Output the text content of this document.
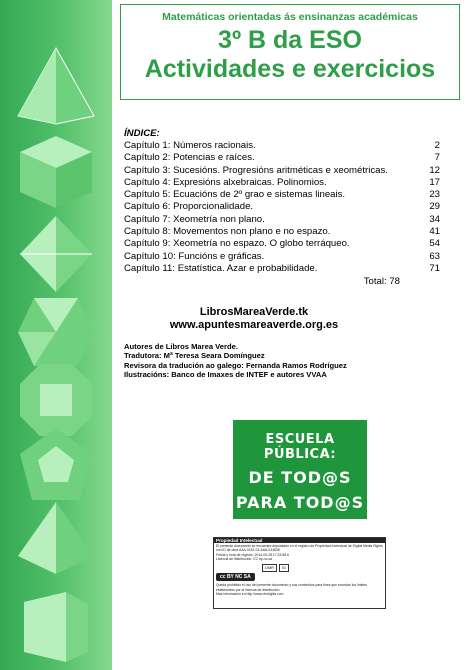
Matemáticas orientadas ás ensinanzas académicas
3º B da ESO
Actividades e exercicios
ÍNDICE:
Capítulo 1: Números racionais.	2
Capítulo 2: Potencias e raíces.	7
Capítulo 3: Sucesións. Progresións aritméticas e xeométricas.	12
Capítulo 4: Expresións alxebraicas. Polinomios.	17
Capítulo 5: Ecuacións de 2º grao e sistemas lineais.	23
Capítulo 6: Proporcionalidade.	29
Capítulo 7: Xeometría non plano.	34
Capítulo 8: Movementos non plano e no espazo.	41
Capítulo 9: Xeometría no espazo. O globo terráqueo.	54
Capítulo 10: Funcións e gráficas.	63
Capítulo 11: Estatística. Azar e probabilidade.	71
Total: 78
LibrosMareaVerde.tk
www.apuntesmareaverde.org.es
Autores de Libros Marea Verde.
Tradutora: Mª Teresa Seara Domínguez
Revisora da tradución ao galego: Fernanda Ramos Rodríguez
Ilustracións: Banco de Imaxes de INTEF e autores VVAA
ESCUELA PÚBLICA:
DE TOD@S
PARA TOD@S
Propiedad Intelectual
El presente documento se encuentra depositado en el registro de Propiedad Intelectual de Digital Media Rights con ID de obra AAA-0181-02-AAA-044836
Fecha y hora de registro: 2014-05-28 17:23:58.6
Licencia de distribución: CC by-nc-sa
DMR	ID
cc BY NC SA
Queda prohibido el uso del presente documento y sus contenidos para fines que excedan los límites establecidos por la licencia de distribución.
Más información en http://www.dmrights.com
